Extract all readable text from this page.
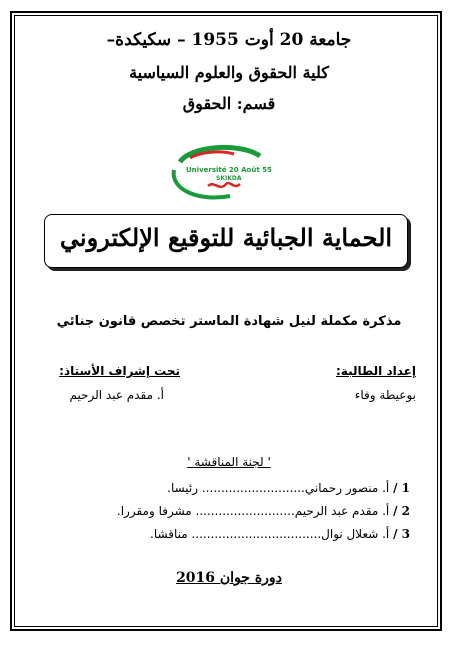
جامعة 20 أوت 1955 – سكيكدة–
كلية الحقوق والعلوم السياسية
قسم: الحقوق
Université 20 Août 55
SKIKDA
الحماية الجبائية للتوقيع الإلكتروني
مذكرة مكملة لنيل شهادة الماستر تخصص قانون جنائي
إعداد الطالبة:
بوعيطة وفاء
تحت إشراف الأستاذ:
أ. مقدم عبد الرحيم
' لجنة المناقشة '
1 / أ. منصور رحماني........................... رئيسا.
2 / أ. مقدم عبد الرحيم.......................... مشرفا ومقررا.
3 / أ. شعلال نوال.................................. مناقشا.
دورة جوان 2016
